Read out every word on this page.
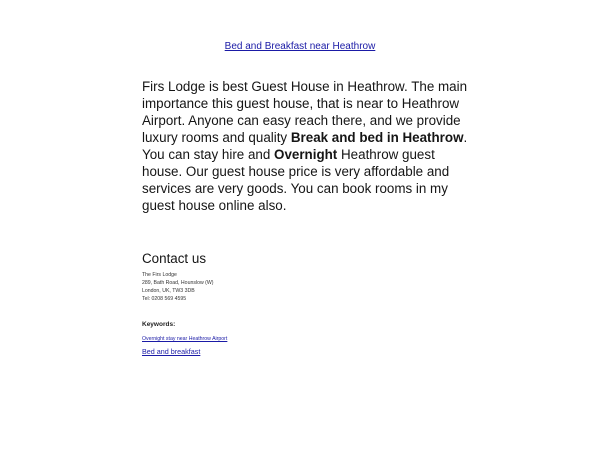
Bed and Breakfast near Heathrow

Firs Lodge is best Guest House in Heathrow. The main importance this guest house, that is near to Heathrow Airport. Anyone can easy reach there, and we provide luxury rooms and quality Break and bed in Heathrow. You can stay hire and Overnight Heathrow guest house. Our guest house price is very affordable and services are very goods. You can book rooms in my guest house online also.

Contact us
The Firs Lodge
289, Bath Road, Hounslow (W)
London, UK, TW3 3DB
Tel: 0208 569 4595
Keywords:
Overnight stay near Heathrow Airport
Bed and breakfast
